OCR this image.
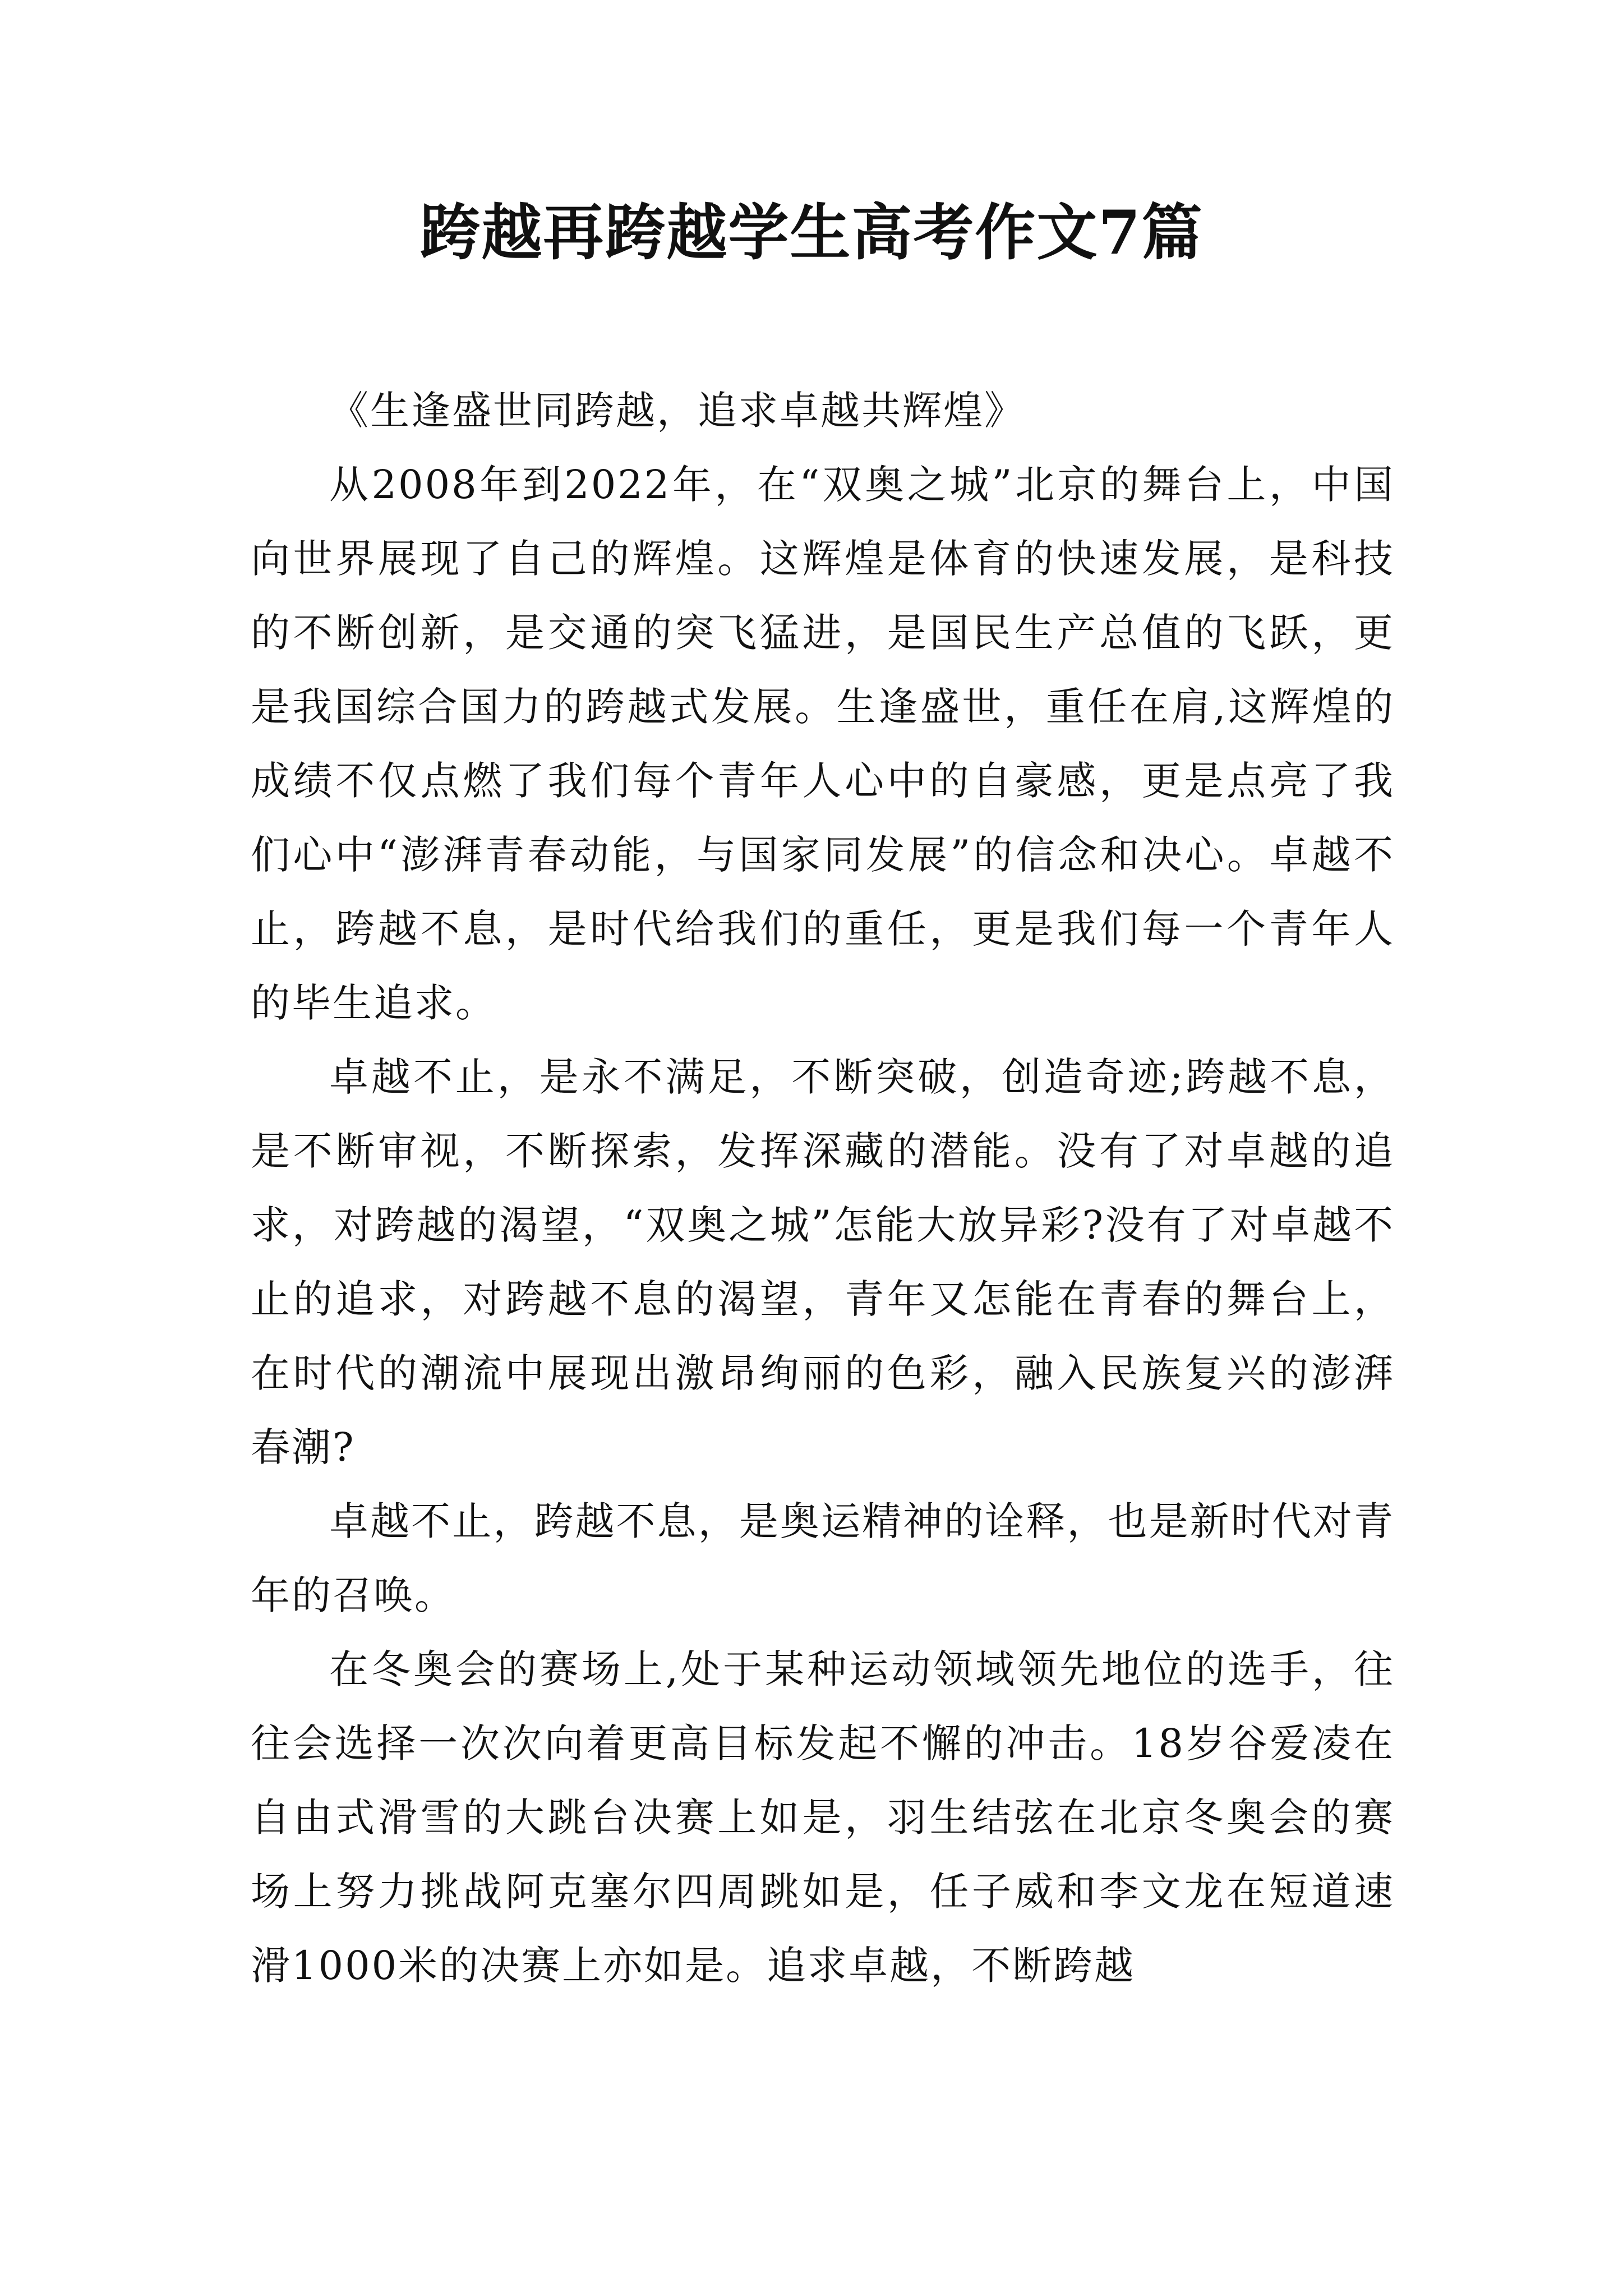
跨越再跨越学生高考作文7篇

《生逢盛世同跨越，追求卓越共辉煌》

从2008年到2022年，在“双奥之城”北京的舞台上，中国向世界展现了自己的辉煌。这辉煌是体育的快速发展，是科技的不断创新，是交通的突飞猛进，是国民生产总值的飞跃，更是我国综合国力的跨越式发展。生逢盛世，重任在肩,这辉煌的成绩不仅点燃了我们每个青年人心中的自豪感，更是点亮了我们心中“澎湃青春动能，与国家同发展”的信念和决心。卓越不止，跨越不息，是时代给我们的重任，更是我们每一个青年人的毕生追求。

卓越不止，是永不满足，不断突破，创造奇迹;跨越不息，是不断审视，不断探索，发挥深藏的潜能。没有了对卓越的追求，对跨越的渴望，“双奥之城”怎能大放异彩?没有了对卓越不止的追求，对跨越不息的渴望，青年又怎能在青春的舞台上，在时代的潮流中展现出激昂绚丽的色彩，融入民族复兴的澎湃春潮?

卓越不止，跨越不息，是奥运精神的诠释，也是新时代对青年的召唤。

在冬奥会的赛场上,处于某种运动领域领先地位的选手，往往会选择一次次向着更高目标发起不懈的冲击。18岁谷爱凌在自由式滑雪的大跳台决赛上如是，羽生结弦在北京冬奥会的赛场上努力挑战阿克塞尔四周跳如是，任子威和李文龙在短道速滑1000米的决赛上亦如是。追求卓越，不断跨越
